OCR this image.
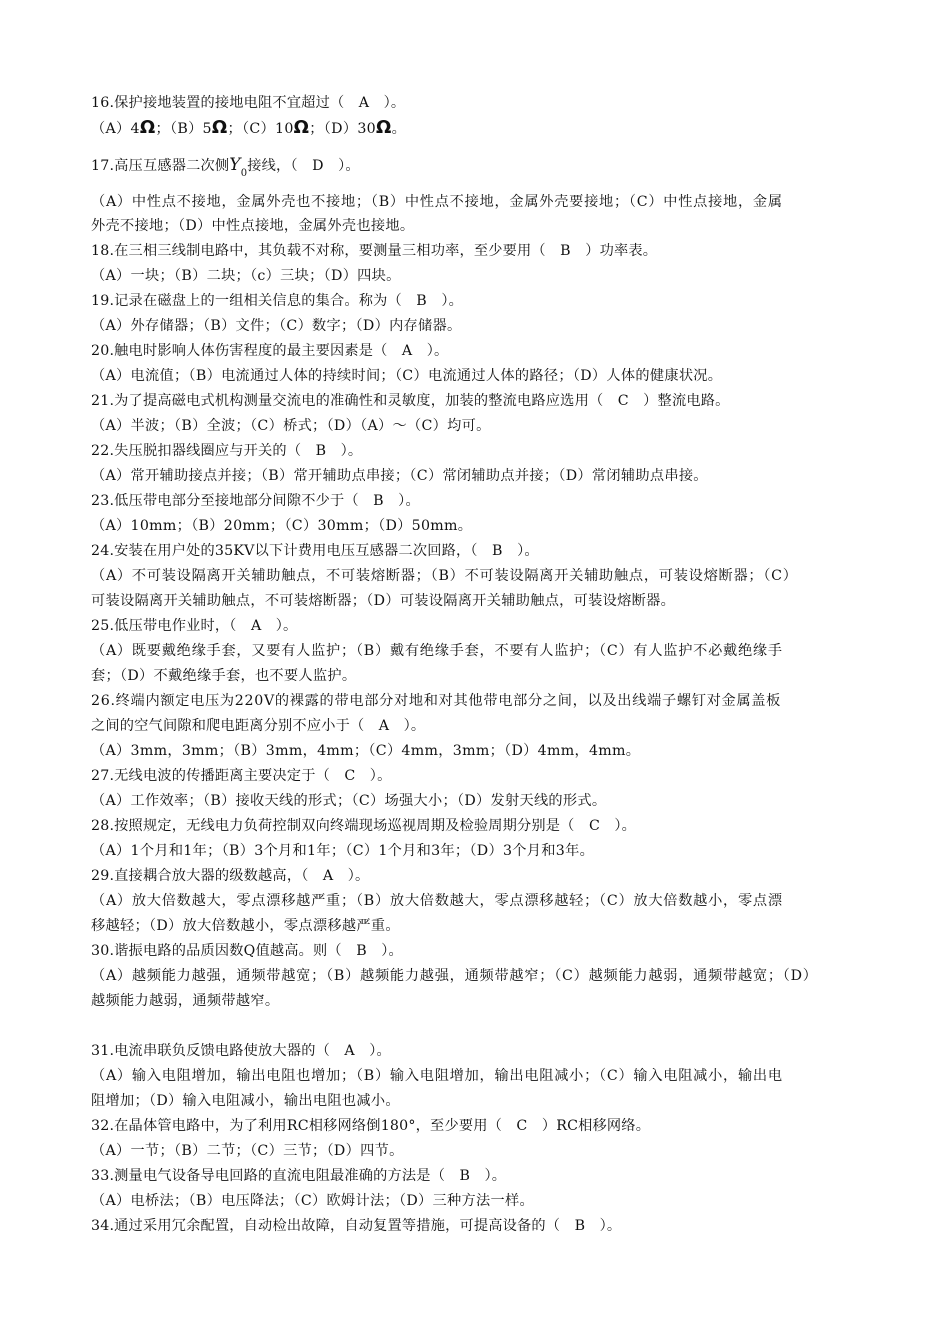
16.保护接地装置的接地电阻不宜超过（　A　）。
（A）4Ω；（B）5Ω；（C）10Ω；（D）30Ω。
17.高压互感器二次侧$Y_0$接线，（　D　）。
（A）中性点不接地，金属外壳也不接地；（B）中性点不接地，金属外壳要接地；（C）中性点接地，金属
外壳不接地；（D）中性点接地，金属外壳也接地。
18.在三相三线制电路中，其负载不对称，要测量三相功率，至少要用（　B　）功率表。
（A）一块；（B）二块；（c）三块；（D）四块。
19.记录在磁盘上的一组相关信息的集合。称为（　B　）。
（A）外存储器；（B）文件；（C）数字；（D）内存储器。
20.触电时影响人体伤害程度的最主要因素是（　A　）。
（A）电流值；（B）电流通过人体的持续时间；（C）电流通过人体的路径；（D）人体的健康状况。
21.为了提高磁电式机构测量交流电的准确性和灵敏度，加装的整流电路应选用（　C　）整流电路。
（A）半波；（B）全波；（C）桥式；（D）（A）～（C）均可。
22.失压脱扣器线圈应与开关的（　B　）。
（A）常开辅助接点并接；（B）常开辅助点串接；（C）常闭辅助点并接；（D）常闭辅助点串接。
23.低压带电部分至接地部分间隙不少于（　B　）。
（A）10mm；（B）20mm；（C）30mm；（D）50mm。
24.安装在用户处的35KV以下计费用电压互感器二次回路，（　B　）。
（A）不可装设隔离开关辅助触点，不可装熔断器；（B）不可装设隔离开关辅助触点，可装设熔断器；（C）
可装设隔离开关辅助触点，不可装熔断器；（D）可装设隔离开关辅助触点，可装设熔断器。
25.低压带电作业时，（　A　）。
（A）既要戴绝缘手套，又要有人监护；（B）戴有绝缘手套，不要有人监护；（C）有人监护不必戴绝缘手
套；（D）不戴绝缘手套，也不要人监护。
26.终端内额定电压为220V的裸露的带电部分对地和对其他带电部分之间，以及出线端子螺钉对金属盖板
之间的空气间隙和爬电距离分别不应小于（　A　）。
（A）3mm，3mm；（B）3mm，4mm；（C）4mm，3mm；（D）4mm，4mm。
27.无线电波的传播距离主要决定于（　C　）。
（A）工作效率；（B）接收天线的形式；（C）场强大小；（D）发射天线的形式。
28.按照规定，无线电力负荷控制双向终端现场巡视周期及检验周期分别是（　C　）。
（A）1个月和1年；（B）3个月和1年；（C）1个月和3年；（D）3个月和3年。
29.直接耦合放大器的级数越高，（　A　）。
（A）放大倍数越大，零点漂移越严重；（B）放大倍数越大，零点漂移越轻；（C）放大倍数越小，零点漂
移越轻；（D）放大倍数越小，零点漂移越严重。
30.谐振电路的品质因数Q值越高。则（　B　）。
（A）越频能力越强，通频带越宽；（B）越频能力越强，通频带越窄；（C）越频能力越弱，通频带越宽；（D）
越频能力越弱，通频带越窄。
31.电流串联负反馈电路使放大器的（　A　）。
（A）输入电阻增加，输出电阻也增加；（B）输入电阻增加，输出电阻减小；（C）输入电阻减小，输出电
阻增加；（D）输入电阻减小，输出电阻也减小。
32.在晶体管电路中，为了利用RC相移网络倒180°，至少要用（　C　）RC相移网络。
（A）一节；（B）二节；（C）三节；（D）四节。
33.测量电气设备导电回路的直流电阻最准确的方法是（　B　）。
（A）电桥法；（B）电压降法；（C）欧姆计法；（D）三种方法一样。
34.通过采用冗余配置，自动检出故障，自动复置等措施，可提高设备的（　B　）。
